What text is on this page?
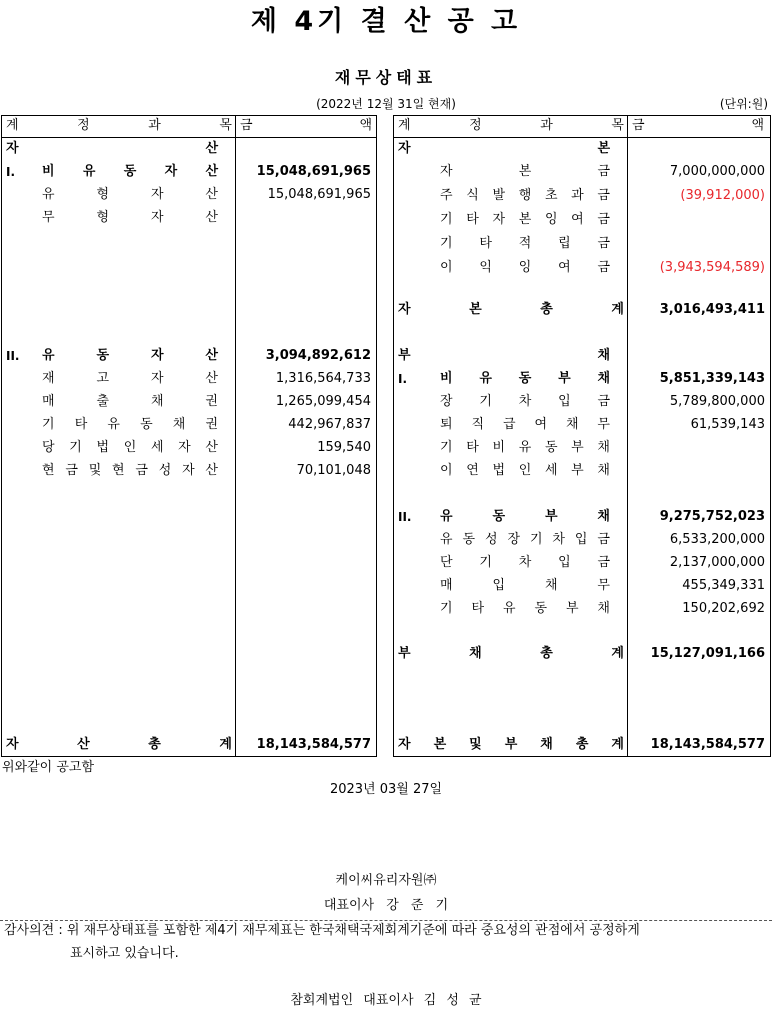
제 4기 결 산 공 고
재무상태표
(2022년 12월 31일 현재)	(단위:원)
계	정	과	목 금	액
자	산
I. 비 유 동 자 산	15,048,691,965
유	형	자	산	15,048,691,965
무	형	자	산
II. 유	동	자	산	3,094,892,612
재	고	자	산	1,316,564,733
매	출	채	권	1,265,099,454
기 타 유 동 채 권	442,967,837
당 기 법 인 세 자 산	159,540
현 금 및 현 금 성 자 산	70,101,048
자	산	총	계	18,143,584,577
계	정	과	목 금	액
자	본
자	본	금	7,000,000,000
주 식 발 행 초 과 금	(39,912,000)
기 타 자 본 잉 여 금
기 타 적 립 금
이 익 잉 여 금	(3,943,594,589)
자	본	총	계	3,016,493,411
부	채
I.	비 유 동 부 채	5,851,339,143
장 기 차 입 금	5,789,800,000
퇴 직 급 여 채 무	61,539,143
기 타 비 유 동 부 채
이 연 법 인 세 부 채
II. 유	동	부	채	9,275,752,023
유 동 성 장 기 차 입 금	6,533,200,000
단 기 차 입 금	2,137,000,000
매	입	채	무	455,349,331
기 타 유 동 부 채	150,202,692
부	채	총	계	15,127,091,166
자 본 및 부 채 총 계	18,143,584,577
위와같이 공고함
2023년 03월 27일
케이씨유리자원㈜
대표이사 강 준 기
감사의견 : 위 재무상태표를 포함한 제4기 재무제표는 한국채택국제회계기준에 따라 중요성의 관점에서 공정하게
표시하고 있습니다.
참회계법인 대표이사 김 성 균
